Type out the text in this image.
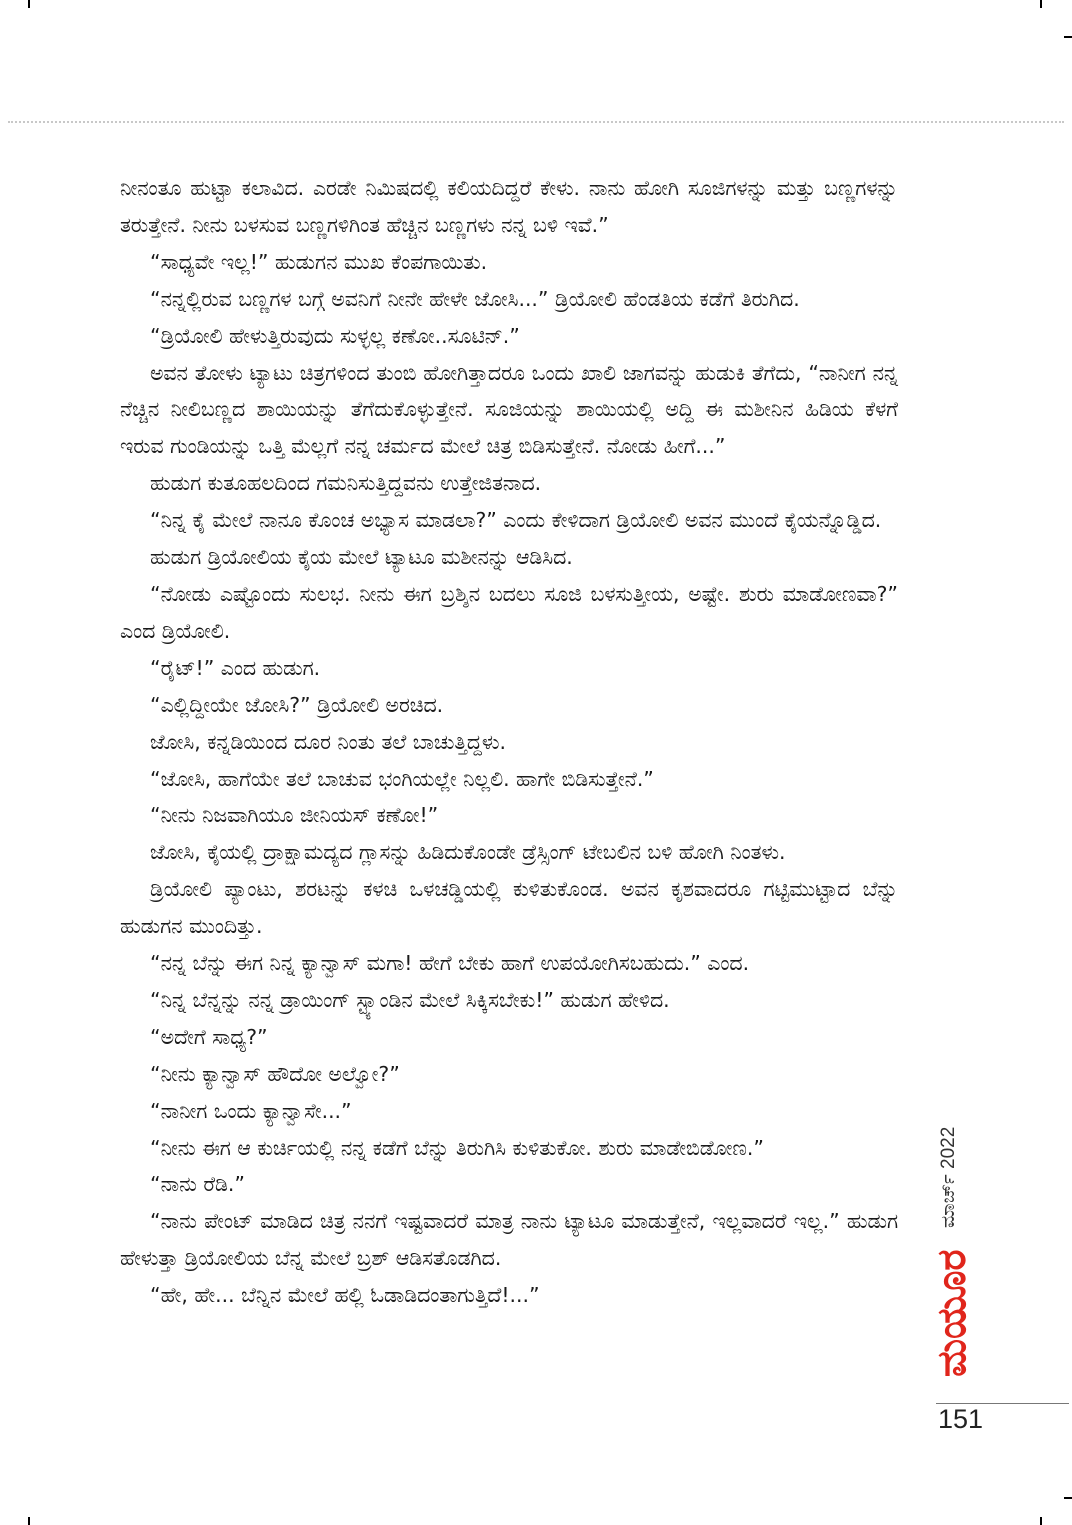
ನೀನಂತೂ ಹುಟ್ಟಾ ಕಲಾವಿದ. ಎರಡೇ ನಿಮಿಷದಲ್ಲಿ ಕಲಿಯದಿದ್ದರೆ ಕೇಳು. ನಾನು ಹೋಗಿ ಸೂಜಿಗಳನ್ನು ಮತ್ತು ಬಣ್ಣಗಳನ್ನು ತರುತ್ತೇನೆ. ನೀನು ಬಳಸುವ ಬಣ್ಣಗಳಿಗಿಂತ ಹೆಚ್ಚಿನ ಬಣ್ಣಗಳು ನನ್ನ ಬಳಿ ಇವೆ.”

“ಸಾಧ್ಯವೇ ಇಲ್ಲ!” ಹುಡುಗನ ಮುಖ ಕೆಂಪಗಾಯಿತು.

“ನನ್ನಲ್ಲಿರುವ ಬಣ್ಣಗಳ ಬಗ್ಗೆ ಅವನಿಗೆ ನೀನೇ ಹೇಳೇ ಜೋಸಿ...” ಡ್ರಿಯೋಲಿ ಹೆಂಡತಿಯ ಕಡೆಗೆ ತಿರುಗಿದ.

“ಡ್ರಿಯೋಲಿ ಹೇಳುತ್ತಿರುವುದು ಸುಳ್ಳಲ್ಲ ಕಣೋ..ಸೂಟಿನ್.”

ಅವನ ತೋಳು ಟ್ಯಾಟು ಚಿತ್ರಗಳಿಂದ ತುಂಬಿ ಹೋಗಿತ್ತಾದರೂ ಒಂದು ಖಾಲಿ ಜಾಗವನ್ನು ಹುಡುಕಿ ತೆಗೆದು, “ನಾನೀಗ ನನ್ನ ನೆಚ್ಚಿನ ನೀಲಿಬಣ್ಣದ ಶಾಯಿಯನ್ನು ತೆಗೆದುಕೊಳ್ಳುತ್ತೇನೆ. ಸೂಜಿಯನ್ನು ಶಾಯಿಯಲ್ಲಿ ಅದ್ದಿ ಈ ಮಶೀನಿನ ಹಿಡಿಯ ಕೆಳಗೆ ಇರುವ ಗುಂಡಿಯನ್ನು ಒತ್ತಿ ಮೆಲ್ಲಗೆ ನನ್ನ ಚರ್ಮದ ಮೇಲೆ ಚಿತ್ರ ಬಿಡಿಸುತ್ತೇನೆ. ನೋಡು ಹೀಗೆ...”

ಹುಡುಗ ಕುತೂಹಲದಿಂದ ಗಮನಿಸುತ್ತಿದ್ದವನು ಉತ್ತೇಜಿತನಾದ.

“ನಿನ್ನ ಕೈ ಮೇಲೆ ನಾನೂ ಕೊಂಚ ಅಭ್ಯಾಸ ಮಾಡಲಾ?” ಎಂದು ಕೇಳಿದಾಗ ಡ್ರಿಯೋಲಿ ಅವನ ಮುಂದೆ ಕೈಯನ್ನೊಡ್ಡಿದ.

ಹುಡುಗ ಡ್ರಿಯೋಲಿಯ ಕೈಯ ಮೇಲೆ ಟ್ಯಾಟೂ ಮಶೀನನ್ನು ಆಡಿಸಿದ.

“ನೋಡು ಎಷ್ಟೊಂದು ಸುಲಭ. ನೀನು ಈಗ ಬ್ರಶ್ಶಿನ ಬದಲು ಸೂಜಿ ಬಳಸುತ್ತೀಯ, ಅಷ್ಟೇ. ಶುರು ಮಾಡೋಣವಾ?” ಎಂದ ಡ್ರಿಯೋಲಿ.

“ರೈಟ್!” ಎಂದ ಹುಡುಗ.

“ಎಲ್ಲಿದ್ದೀಯೇ ಜೋಸಿ?” ಡ್ರಿಯೋಲಿ ಅರಚಿದ.

ಜೋಸಿ, ಕನ್ನಡಿಯಿಂದ ದೂರ ನಿಂತು ತಲೆ ಬಾಚುತ್ತಿದ್ದಳು.

“ಜೋಸಿ, ಹಾಗೆಯೇ ತಲೆ ಬಾಚುವ ಭಂಗಿಯಲ್ಲೇ ನಿಲ್ಲಲಿ. ಹಾಗೇ ಬಿಡಿಸುತ್ತೇನೆ.”

“ನೀನು ನಿಜವಾಗಿಯೂ ಜೀನಿಯಸ್ ಕಣೋ!”

ಜೋಸಿ, ಕೈಯಲ್ಲಿ ದ್ರಾಕ್ಷಾಮದ್ಯದ ಗ್ಲಾಸನ್ನು ಹಿಡಿದುಕೊಂಡೇ ಡ್ರೆಸ್ಸಿಂಗ್ ಟೇಬಲಿನ ಬಳಿ ಹೋಗಿ ನಿಂತಳು.

ಡ್ರಿಯೋಲಿ ಪ್ಯಾಂಟು, ಶರಟನ್ನು ಕಳಚಿ ಒಳಚಡ್ಡಿಯಲ್ಲಿ ಕುಳಿತುಕೊಂಡ. ಅವನ ಕೃಶವಾದರೂ ಗಟ್ಟಿಮುಟ್ಟಾದ ಬೆನ್ನು ಹುಡುಗನ ಮುಂದಿತ್ತು.

“ನನ್ನ ಬೆನ್ನು ಈಗ ನಿನ್ನ ಕ್ಯಾನ್ವಾಸ್ ಮಗಾ! ಹೇಗೆ ಬೇಕು ಹಾಗೆ ಉಪಯೋಗಿಸಬಹುದು.” ಎಂದ.

“ನಿನ್ನ ಬೆನ್ನನ್ನು ನನ್ನ ಡ್ರಾಯಿಂಗ್ ಸ್ಟ್ಯಾಂಡಿನ ಮೇಲೆ ಸಿಕ್ಕಿಸಬೇಕು!” ಹುಡುಗ ಹೇಳಿದ.

“ಅದೇಗೆ ಸಾಧ್ಯ?”

“ನೀನು ಕ್ಯಾನ್ವಾಸ್ ಹೌದೋ ಅಲ್ವೋ?”

“ನಾನೀಗ ಒಂದು ಕ್ಯಾನ್ವಾಸೇ...”

“ನೀನು ಈಗ ಆ ಕುರ್ಚಿಯಲ್ಲಿ ನನ್ನ ಕಡೆಗೆ ಬೆನ್ನು ತಿರುಗಿಸಿ ಕುಳಿತುಕೋ. ಶುರು ಮಾಡೇಬಿಡೋಣ.”

“ನಾನು ರೆಡಿ.”

“ನಾನು ಪೇಂಟ್ ಮಾಡಿದ ಚಿತ್ರ ನನಗೆ ಇಷ್ಟವಾದರೆ ಮಾತ್ರ ನಾನು ಟ್ಯಾಟೂ ಮಾಡುತ್ತೇನೆ, ಇಲ್ಲವಾದರೆ ಇಲ್ಲ.” ಹುಡುಗ ಹೇಳುತ್ತಾ ಡ್ರಿಯೋಲಿಯ ಬೆನ್ನ ಮೇಲೆ ಬ್ರಶ್ ಆಡಿಸತೊಡಗಿದ.

“ಹೇ, ಹೇ... ಬೆನ್ನಿನ ಮೇಲೆ ಹಲ್ಲಿ ಓಡಾಡಿದಂತಾಗುತ್ತಿದೆ!...”

ಮಾರ್ಚ್ 2022
ಮಯೂರ
151
